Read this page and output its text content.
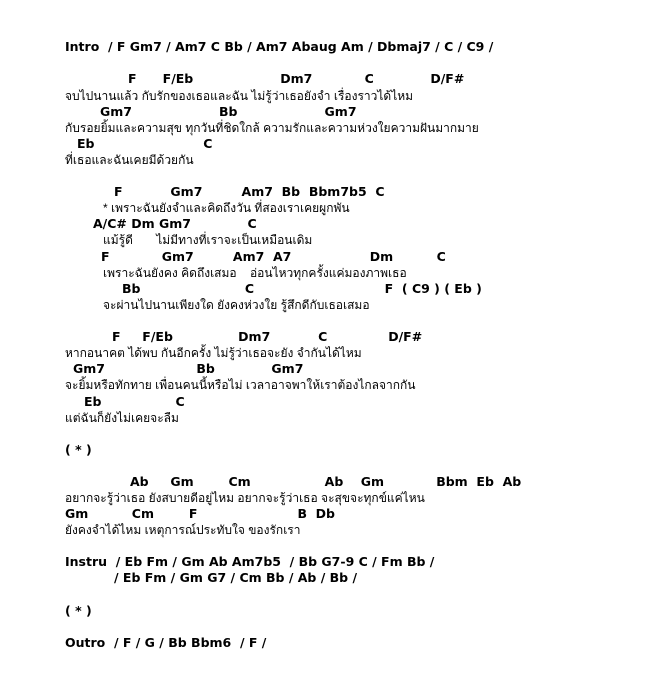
Intro  / F Gm7 / Am7 C Bb / Am7 Abaug Am / Dbmaj7 / C / C9 /
F      F/Eb                    Dm7            C             D/F#
จบไปนานแล้ว กับรักของเธอและฉัน ไม่รู้ว่าเธอยังจำ เรื่องราวได้ไหม
Gm7                    Bb                    Gm7
กับรอยยิ้มและความสุข ทุกวันที่ชิดใกล้ ความรักและความห่วงใยความฝันมากมาย
Eb                         C
ที่เธอและฉันเคยมีด้วยกัน
F           Gm7         Am7  Bb  Bbm7b5  C
* เพราะฉันยังจำและคิดถึงวัน ที่สองเราเคยผูกพัน
A/C# Dm Gm7             C
แม้รู้ดี       ไม่มีทางที่เราจะเป็นเหมือนเดิม
F            Gm7         Am7  A7                  Dm          C
เพราะฉันยังคง คิดถึงเสมอ    อ่อนไหวทุกครั้งแค่มองภาพเธอ
Bb                        C                              F  ( C9 ) ( Eb )
จะผ่านไปนานเพียงใด ยังคงห่วงใย รู้สึกดีกับเธอเสมอ
F     F/Eb               Dm7           C              D/F#
หากอนาคต ได้พบ กันอีกครั้ง ไม่รู้ว่าเธอจะยัง จำกันได้ไหม
Gm7                     Bb             Gm7
จะยิ้มหรือทักทาย เพื่อนคนนี้หรือไม่ เวลาอาจพาให้เราต้องไกลจากกัน
Eb                 C
แต่ฉันก็ยังไม่เคยจะลืม
( * )
Ab     Gm        Cm                 Ab    Gm            Bbm  Eb  Ab
อยากจะรู้ว่าเธอ ยังสบายดีอยู่ไหม อยากจะรู้ว่าเธอ จะสุขจะทุกข์แค่ไหน
Gm          Cm        F                       B  Db
ยังคงจำได้ไหม เหตุการณ์ประทับใจ ของรักเรา
Instru  / Eb Fm / Gm Ab Am7b5  / Bb G7-9 C / Fm Bb /
/ Eb Fm / Gm G7 / Cm Bb / Ab / Bb /
( * )
Outro  / F / G / Bb Bbm6  / F /
